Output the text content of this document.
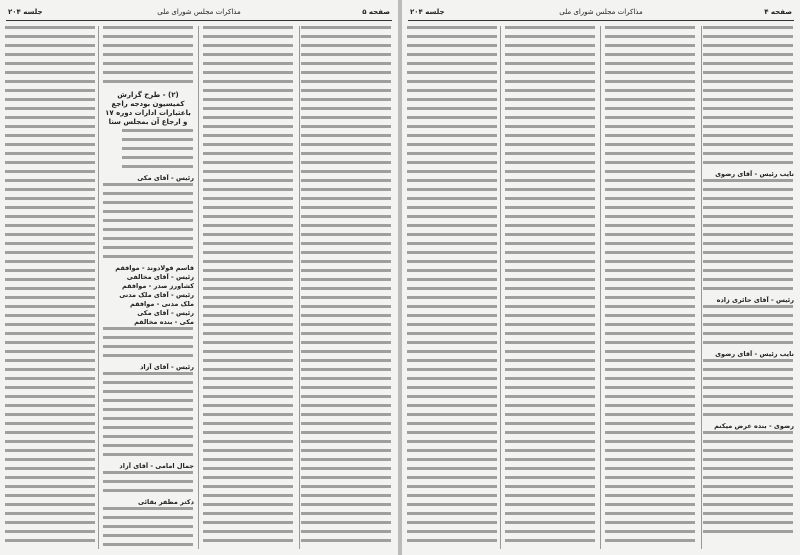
جلسه ۲۰۴	مذاکرات مجلس شورای ملی	صفحه ۵
(۲) - طرح گزارش کمیسیون بودجه راجع باعتبارات ادارات دوره ۱۷ و ارجاع آن بمجلس سنا
رئیس - آقای مکی
قاسم فولادوند - موافقم
رئیس - آقای مخالفی
کشاورز صدر - موافقم
رئیس - آقای ملک مدنی
ملک مدنی - موافقم
رئیس - آقای مکی
مکی - بنده مخالفم
رئیس - آقای آزاد
جمال امامی - آقای آزاد
دکتر مظفر بقائی
جلسه ۲۰۴	مذاکرات مجلس شورای ملی	صفحه ۴
نایب رئیس - آقای رضوی
رئیس - آقای حائری زاده
نایب رئیس - آقای رضوی
رضوی - بنده عرض میکنم
